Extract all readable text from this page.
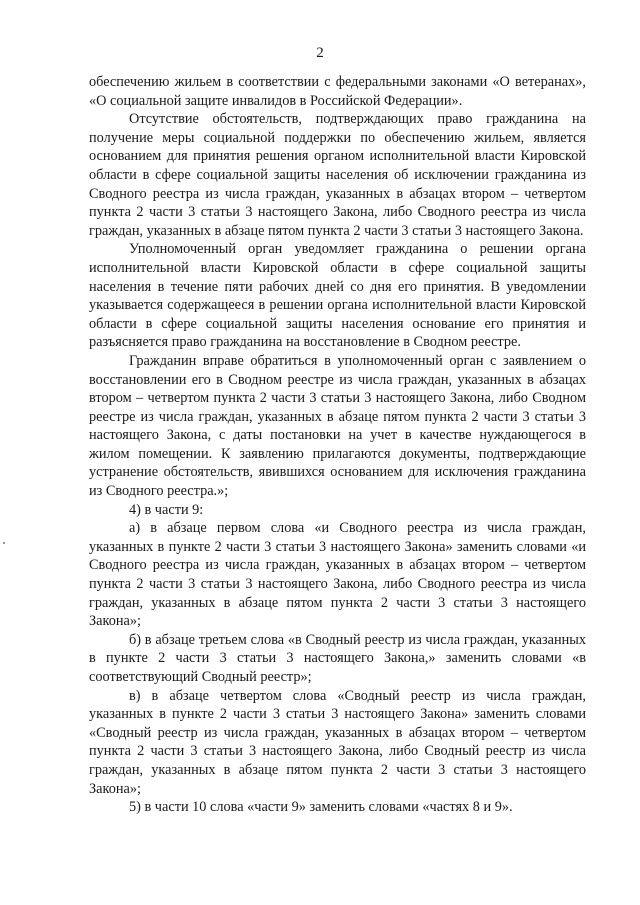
2

обеспечению жильем в соответствии с федеральными законами «О ветеранах», «О социальной защите инвалидов в Российской Федерации».

Отсутствие обстоятельств, подтверждающих право гражданина на получение меры социальной поддержки по обеспечению жильем, является основанием для принятия решения органом исполнительной власти Кировской области в сфере социальной защиты населения об исключении гражданина из Сводного реестра из числа граждан, указанных в абзацах втором – четвертом пункта 2 части 3 статьи 3 настоящего Закона, либо Сводного реестра из числа граждан, указанных в абзаце пятом пункта 2 части 3 статьи 3 настоящего Закона.

Уполномоченный орган уведомляет гражданина о решении органа исполнительной власти Кировской области в сфере социальной защиты населения в течение пяти рабочих дней со дня его принятия. В уведомлении указывается содержащееся в решении органа исполнительной власти Кировской области в сфере социальной защиты населения основание его принятия и разъясняется право гражданина на восстановление в Сводном реестре.

Гражданин вправе обратиться в уполномоченный орган с заявлением о восстановлении его в Сводном реестре из числа граждан, указанных в абзацах втором – четвертом пункта 2 части 3 статьи 3 настоящего Закона, либо Сводном реестре из числа граждан, указанных в абзаце пятом пункта 2 части 3 статьи 3 настоящего Закона, с даты постановки на учет в качестве нуждающегося в жилом помещении. К заявлению прилагаются документы, подтверждающие устранение обстоятельств, явившихся основанием для исключения гражданина из Сводного реестра.»;

4) в части 9:

а) в абзаце первом слова «и Сводного реестра из числа граждан, указанных в пункте 2 части 3 статьи 3 настоящего Закона» заменить словами «и Сводного реестра из числа граждан, указанных в абзацах втором – четвертом пункта 2 части 3 статьи 3 настоящего Закона, либо Сводного реестра из числа граждан, указанных в абзаце пятом пункта 2 части 3 статьи 3 настоящего Закона»;

б) в абзаце третьем слова «в Сводный реестр из числа граждан, указанных в пункте 2 части 3 статьи 3 настоящего Закона,» заменить словами «в соответствующий Сводный реестр»;

в) в абзаце четвертом слова «Сводный реестр из числа граждан, указанных в пункте 2 части 3 статьи 3 настоящего Закона» заменить словами «Сводный реестр из числа граждан, указанных в абзацах втором – четвертом пункта 2 части 3 статьи 3 настоящего Закона, либо Сводный реестр из числа граждан, указанных в абзаце пятом пункта 2 части 3 статьи 3 настоящего Закона»;

5) в части 10 слова «части 9» заменить словами «частях 8 и 9».
